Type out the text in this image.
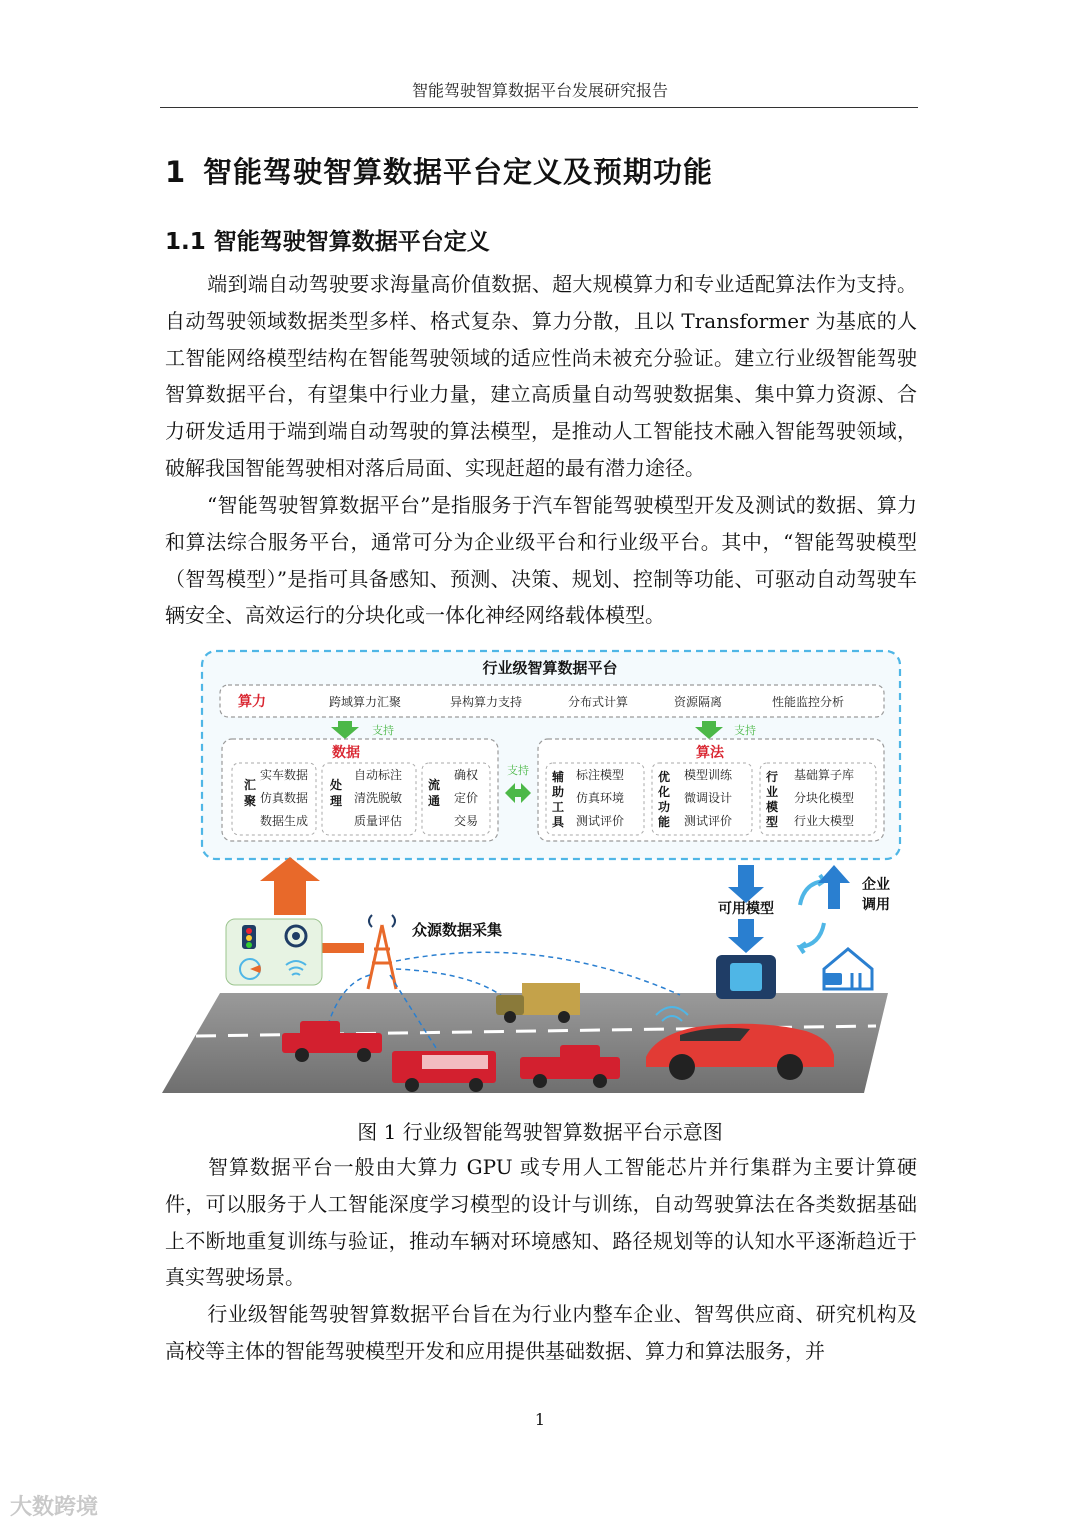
智能驾驶智算数据平台发展研究报告
1 智能驾驶智算数据平台定义及预期功能
1.1 智能驾驶智算数据平台定义

端到端自动驾驶要求海量高价值数据、超大规模算力和专业适配算法作为支持。自动驾驶领域数据类型多样、格式复杂、算力分散，且以 Transformer 为基底的人工智能网络模型结构在智能驾驶领域的适应性尚未被充分验证。建立行业级智能驾驶智算数据平台，有望集中行业力量，建立高质量自动驾驶数据集、集中算力资源、合力研发适用于端到端自动驾驶的算法模型，是推动人工智能技术融入智能驾驶领域，破解我国智能驾驶相对落后局面、实现赶超的最有潜力途径。

“智能驾驶智算数据平台”是指服务于汽车智能驾驶模型开发及测试的数据、算力和算法综合服务平台，通常可分为企业级平台和行业级平台。其中，“智能驾驶模型（智驾模型）”是指可具备感知、预测、决策、规划、控制等功能、可驱动自动驾驶车辆安全、高效运行的分块化或一体化神经网络载体模型。

行业级智算数据平台
算力	跨域算力汇聚	异构算力支持	分布式计算	资源隔离	性能监控分析
支持	支持
数据
汇
聚
实车数据
仿真数据
数据生成
处
理
自动标注
清洗脱敏
质量评估
流
通
确权
定价
交易
支持
算法
辅
助
工
具
标注模型
仿真环境
测试评价
优
化
功
能
模型训练
微调设计
测试评价
行
业
模
型
基础算子库
分块化模型
行业大模型
众源数据采集
可用模型
企业
调用
图 1 行业级智能驾驶智算数据平台示意图

智算数据平台一般由大算力 GPU 或专用人工智能芯片并行集群为主要计算硬件，可以服务于人工智能深度学习模型的设计与训练，自动驾驶算法在各类数据基础上不断地重复训练与验证，推动车辆对环境感知、路径规划等的认知水平逐渐趋近于真实驾驶场景。

行业级智能驾驶智算数据平台旨在为行业内整车企业、智驾供应商、研究机构及高校等主体的智能驾驶模型开发和应用提供基础数据、算力和算法服务，并

1
大数跨境
